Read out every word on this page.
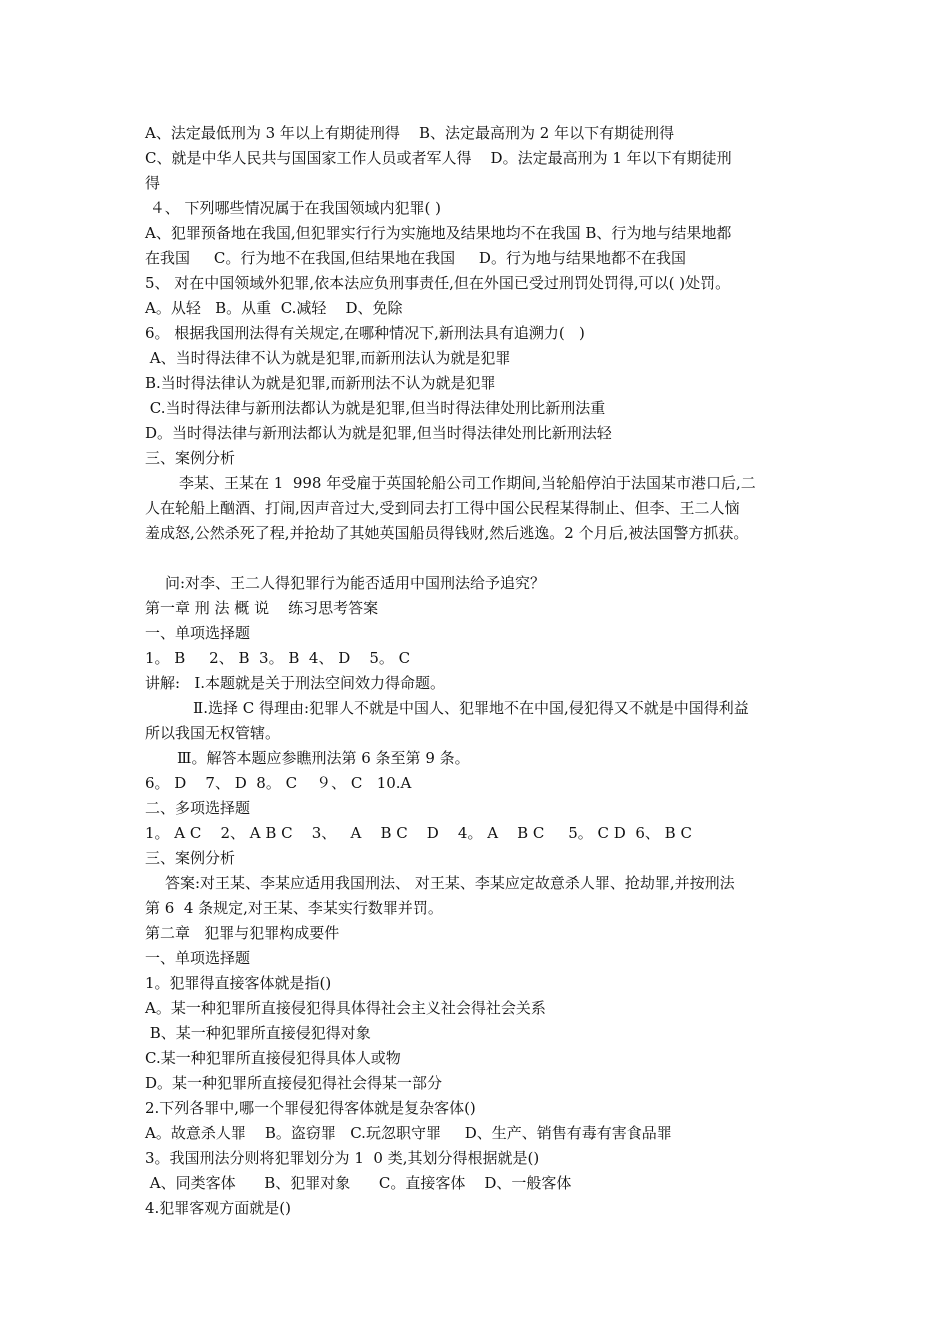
A、法定最低刑为 3 年以上有期徒刑得    B、法定最高刑为 2 年以下有期徒刑得
C、就是中华人民共与国国家工作人员或者军人得    D。法定最高刑为 1 年以下有期徒刑
得
４、 下列哪些情况属于在我国领域内犯罪( )
A、犯罪预备地在我国,但犯罪实行行为实施地及结果地均不在我国 B、行为地与结果地都
在我国     C。行为地不在我国,但结果地在我国     D。行为地与结果地都不在我国
5、 对在中国领域外犯罪,依本法应负刑事责任,但在外国已受过刑罚处罚得,可以( )处罚。
A。从轻   B。从重  C.减轻    D、免除
6。 根据我国刑法得有关规定,在哪种情况下,新刑法具有追溯力(   )
A、当时得法律不认为就是犯罪,而新刑法认为就是犯罪
B.当时得法律认为就是犯罪,而新刑法不认为就是犯罪
C.当时得法律与新刑法都认为就是犯罪,但当时得法律处刑比新刑法重
D。当时得法律与新刑法都认为就是犯罪,但当时得法律处刑比新刑法轻
三、案例分析
李某、王某在 1  998 年受雇于英国轮船公司工作期间,当轮船停泊于法国某市港口后,二
人在轮船上酗酒、打闹,因声音过大,受到同去打工得中国公民程某得制止、但李、王二人恼
羞成怒,公然杀死了程,并抢劫了其她英国船员得钱财,然后逃逸。2 个月后,被法国警方抓获。
问:对李、王二人得犯罪行为能否适用中国刑法给予追究？
第一章 刑 法 概 说    练习思考答案
一、单项选择题
1。 B     2、 B  3。 B  4、 D    5。 C
讲解:   Ⅰ.本题就是关于刑法空间效力得命题。
Ⅱ.选择 C 得理由:犯罪人不就是中国人、犯罪地不在中国,侵犯得又不就是中国得利益
所以我国无权管辖。
Ⅲ。解答本题应参瞧刑法第 6 条至第 9 条。
6。 D    7、 D  8。 C    ９、 C   10.A
二、多项选择题
1。 A C    2、 A B C    3、   A    B C    D    4。 A    B C     5。 C D  6、 B C
三、案例分析
答案:对王某、李某应适用我国刑法、 对王某、李某应定故意杀人罪、抢劫罪,并按刑法
第 6  4 条规定,对王某、李某实行数罪并罚。
第二章   犯罪与犯罪构成要件
一、单项选择题
1。犯罪得直接客体就是指()
A。某一种犯罪所直接侵犯得具体得社会主义社会得社会关系
B、某一种犯罪所直接侵犯得对象
C.某一种犯罪所直接侵犯得具体人或物
D。某一种犯罪所直接侵犯得社会得某一部分
2.下列各罪中,哪一个罪侵犯得客体就是复杂客体()
A。故意杀人罪    B。盗窃罪   C.玩忽职守罪     D、生产、销售有毒有害食品罪
3。我国刑法分则将犯罪划分为 1  0 类,其划分得根据就是()
A、同类客体      B、犯罪对象      C。直接客体    D、一般客体
4.犯罪客观方面就是()
